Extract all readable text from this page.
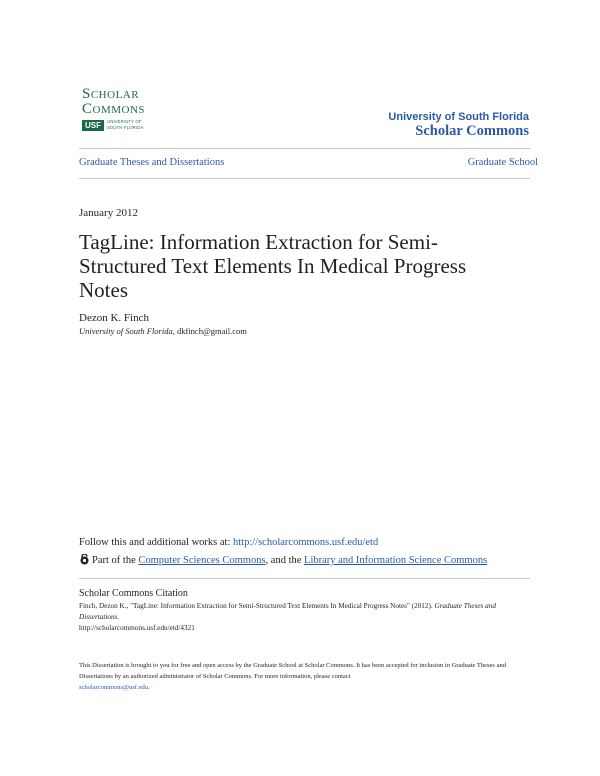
Scholar
Commons
USF	UNIVERSITY OF
SOUTH FLORIDA
University of South Florida
Scholar Commons
Graduate Theses and Dissertations	Graduate School
January 2012
TagLine: Information Extraction for Semi-Structured Text Elements In Medical Progress Notes
Dezon K. Finch
University of South Florida, dkfinch@gmail.com
Follow this and additional works at: http://scholarcommons.usf.edu/etd
Part of the Computer Sciences Commons, and the Library and Information Science Commons
Scholar Commons Citation
Finch, Dezon K., "TagLine: Information Extraction for Semi-Structured Text Elements In Medical Progress Notes" (2012). Graduate Theses and Dissertations.
http://scholarcommons.usf.edu/etd/4321
This Dissertation is brought to you for free and open access by the Graduate School at Scholar Commons. It has been accepted for inclusion in Graduate Theses and Dissertations by an authorized administrator of Scholar Commons. For more information, please contact
scholarcommons@usf.edu.
